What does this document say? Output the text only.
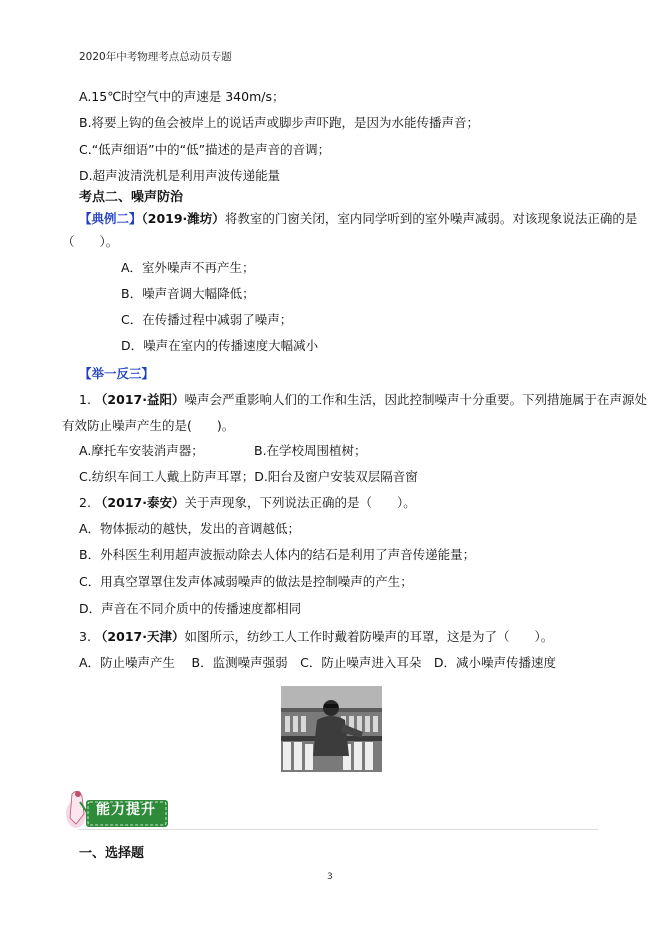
2020年中考物理考点总动员专题
A.15℃时空气中的声速是 340m/s；
B.将要上钩的鱼会被岸上的说话声或脚步声吓跑，是因为水能传播声音；
C.“低声细语”中的“低”描述的是声音的音调；
D.超声波清洗机是利用声波传递能量
考点二、噪声防治
【典例二】（2019·潍坊）将教室的门窗关闭，室内同学听到的室外噪声减弱。对该现象说法正确的是
（　　）。
A．室外噪声不再产生；
B．噪声音调大幅降低；
C．在传播过程中减弱了噪声；
D．噪声在室内的传播速度大幅减小
【举一反三】
1. （2017·益阳）噪声会严重影响人们的工作和生活，因此控制噪声十分重要。下列措施属于在声源处
有效防止噪声产生的是(　　)。
A.摩托车安装消声器；	B.在学校周围植树；
C.纺织车间工人戴上防声耳罩；D.阳台及窗户安装双层隔音窗
2. （2017·泰安）关于声现象，下列说法正确的是（　　）。
A．物体振动的越快，发出的音调越低；
B．外科医生利用超声波振动除去人体内的结石是利用了声音传递能量；
C．用真空罩罩住发声体减弱噪声的做法是控制噪声的产生；
D．声音在不同介质中的传播速度都相同
3. （2017·天津）如图所示，纺纱工人工作时戴着防噪声的耳罩，这是为了（　　）。
A．防止噪声产生　 B．监测噪声强弱　C．防止噪声进入耳朵　D．减小噪声传播速度
能力提升
一、选择题
3
